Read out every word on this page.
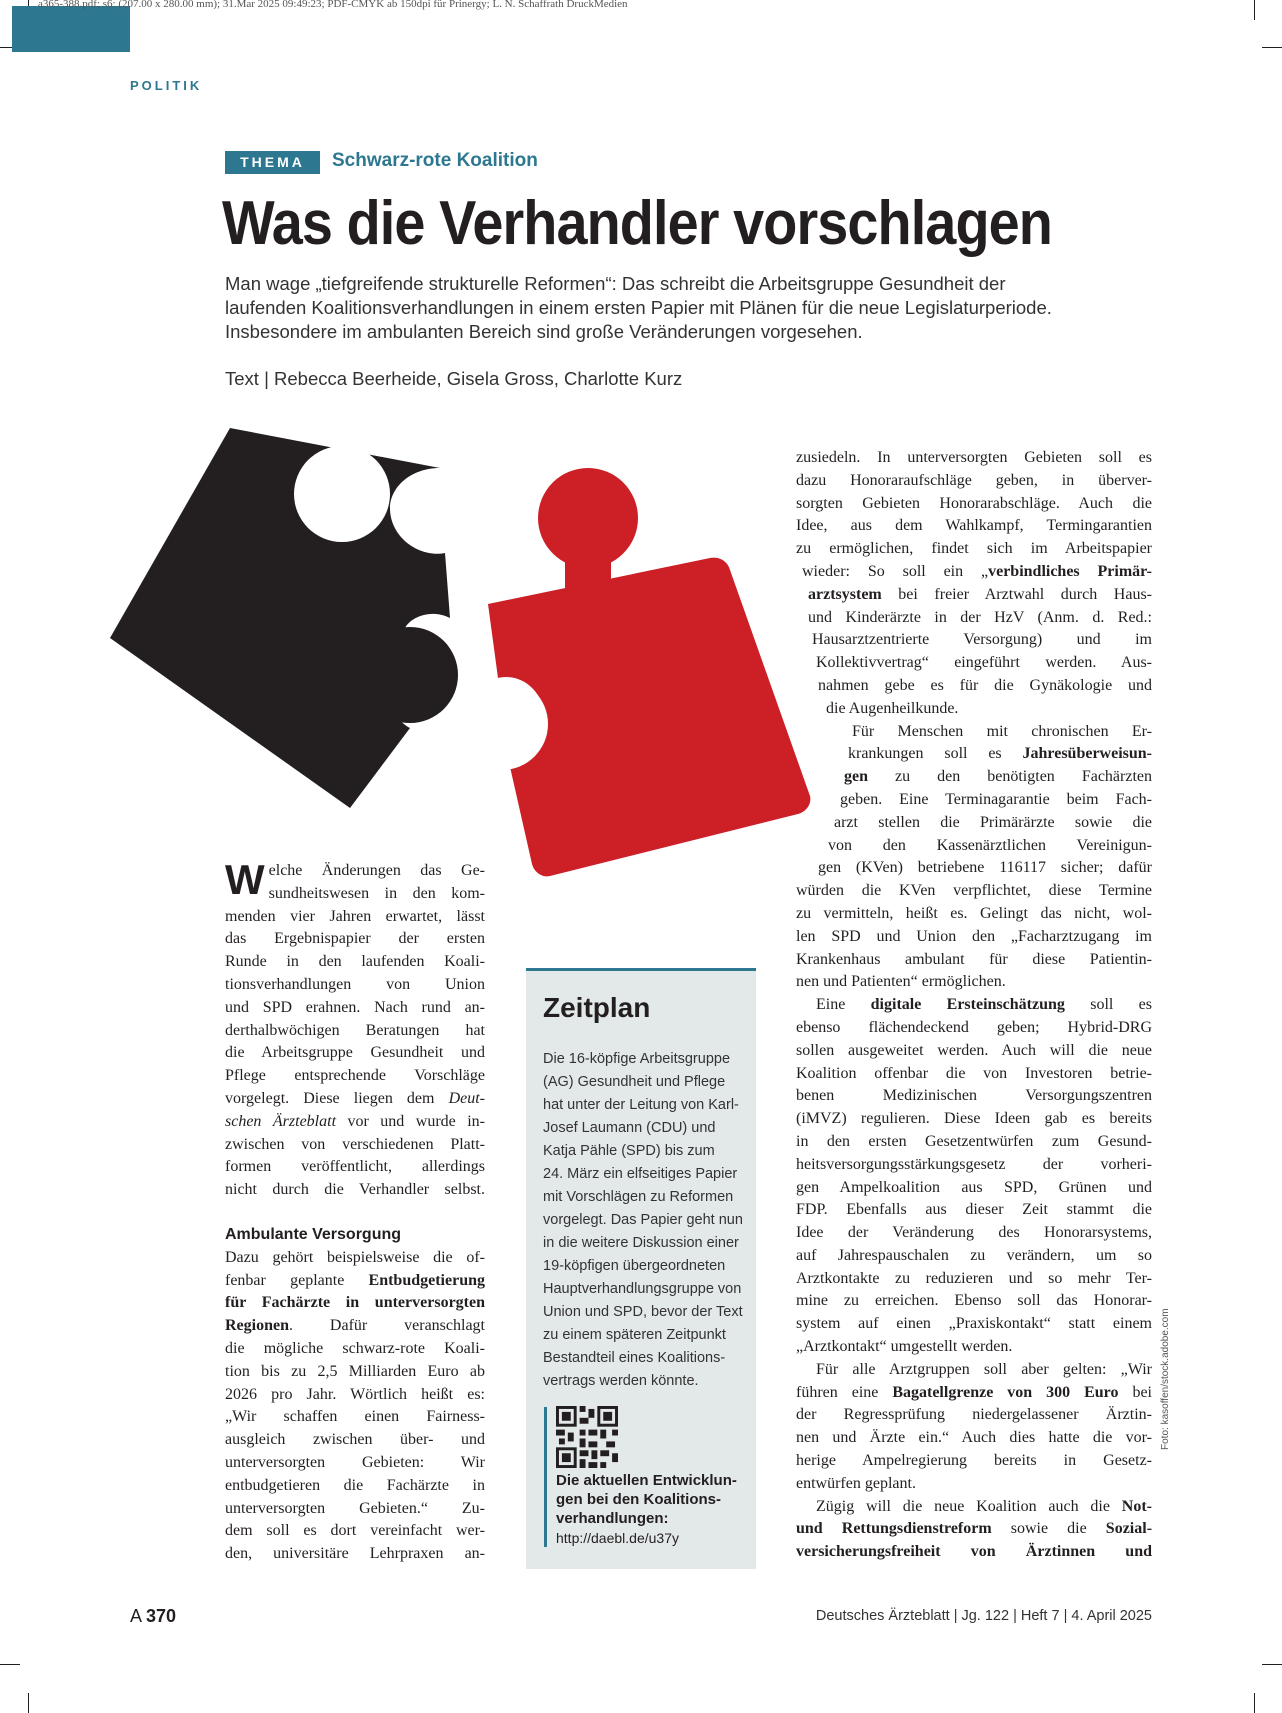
a365-388.pdf; s6; (207.00 x 280.00 mm); 31.Mar 2025 09:49:23; PDF-CMYK ab 150dpi für Prinergy; L. N. Schaffrath DruckMedien
POLITIK
THEMA	Schwarz-rote Koalition
Was die Verhandler vorschlagen
Man wage „tiefgreifende strukturelle Reformen“: Das schreibt die Arbeitsgruppe Gesundheit der
laufenden Koalitionsverhandlungen in einem ersten Papier mit Plänen für die neue Legislaturperiode.
Insbesondere im ambulanten Bereich sind große Veränderungen vorgesehen.
Text | Rebecca Beerheide, Gisela Gross, Charlotte Kurz
W elche Änderungen das Ge-
sundheitswesen in den kom-
menden vier Jahren erwartet, lässt
das Ergebnispapier der ersten
Runde in den laufenden Koali-
tionsverhandlungen von Union
und SPD erahnen. Nach rund an-
derthalbwöchigen Beratungen hat
die Arbeitsgruppe Gesundheit und
Pflege entsprechende Vorschläge
vorgelegt. Diese liegen dem Deut-
schen Ärzteblatt vor und wurde in-
zwischen von verschiedenen Platt-
formen veröffentlicht, allerdings
nicht durch die Verhandler selbst.
Ambulante Versorgung
Dazu gehört beispielsweise die of-
fenbar geplante Entbudgetierung
für Fachärzte in unterversorgten
Regionen. Dafür veranschlagt
die mögliche schwarz-rote Koali-
tion bis zu 2,5 Milliarden Euro ab
2026 pro Jahr. Wörtlich heißt es:
„Wir schaffen einen Fairness-
ausgleich zwischen über- und
unterversorgten Gebieten: Wir
entbudgetieren die Fachärzte in
unterversorgten Gebieten.“ Zu-
dem soll es dort vereinfacht wer-
den, universitäre Lehrpraxen an-
Zeitplan
Die 16-köpfige Arbeitsgruppe
(AG) Gesundheit und Pflege
hat unter der Leitung von Karl-
Josef Laumann (CDU) und
Katja Pähle (SPD) bis zum
24. März ein elfseitiges Papier
mit Vorschlägen zu Reformen
vorgelegt. Das Papier geht nun
in die weitere Diskussion einer
19-köpfigen übergeordneten
Hauptverhandlungsgruppe von
Union und SPD, bevor der Text
zu einem späteren Zeitpunkt
Bestandteil eines Koalitions-
vertrags werden könnte.
Die aktuellen Entwicklun-
gen bei den Koalitions-
verhandlungen:
http://daebl.de/u37y
zusiedeln. In unterversorgten Gebieten soll es
dazu Honoraraufschläge geben, in überver-
sorgten Gebieten Honorarabschläge. Auch die
Idee, aus dem Wahlkampf, Termingarantien
zu ermöglichen, findet sich im Arbeitspapier
wieder: So soll ein „verbindliches Primär-
arztsystem bei freier Arztwahl durch Haus-
und Kinderärzte in der HzV (Anm. d. Red.:
Hausarztzentrierte Versorgung) und im
Kollektivvertrag“ eingeführt werden. Aus-
nahmen gebe es für die Gynäkologie und
die Augenheilkunde.
Für Menschen mit chronischen Er-
krankungen soll es Jahresüberweisun-
gen zu den benötigten Fachärzten
geben. Eine Terminagarantie beim Fach-
arzt stellen die Primärärzte sowie die
von den Kassenärztlichen Vereinigun-
gen (KVen) betriebene 116117 sicher; dafür
würden die KVen verpflichtet, diese Termine
zu vermitteln, heißt es. Gelingt das nicht, wol-
len SPD und Union den „Facharztzugang im
Krankenhaus ambulant für diese Patientin-
nen und Patienten“ ermöglichen.
Eine digitale Ersteinschätzung soll es
ebenso flächendeckend geben; Hybrid-DRG
sollen ausgeweitet werden. Auch will die neue
Koalition offenbar die von Investoren betrie-
benen Medizinischen Versorgungszentren
(iMVZ) regulieren. Diese Ideen gab es bereits
in den ersten Gesetzentwürfen zum Gesund-
heitsversorgungsstärkungsgesetz der vorheri-
gen Ampelkoalition aus SPD, Grünen und
FDP. Ebenfalls aus dieser Zeit stammt die
Idee der Veränderung des Honorarsystems,
auf Jahrespauschalen zu verändern, um so
Arztkontakte zu reduzieren und so mehr Ter-
mine zu erreichen. Ebenso soll das Honorar-
system auf einen „Praxiskontakt“ statt einem
„Arztkontakt“ umgestellt werden.
Für alle Arztgruppen soll aber gelten: „Wir
führen eine Bagatellgrenze von 300 Euro bei
der Regressprüfung niedergelassener Ärztin-
nen und Ärzte ein.“ Auch dies hatte die vor-
herige Ampelregierung bereits in Gesetz-
entwürfen geplant.
Zügig will die neue Koalition auch die Not-
und Rettungsdienstreform sowie die Sozial-
versicherungsfreiheit von Ärztinnen und
Foto: kasoffen/stock.adobe.com
A 370	Deutsches Ärzteblatt | Jg. 122 | Heft 7 | 4. April 2025
